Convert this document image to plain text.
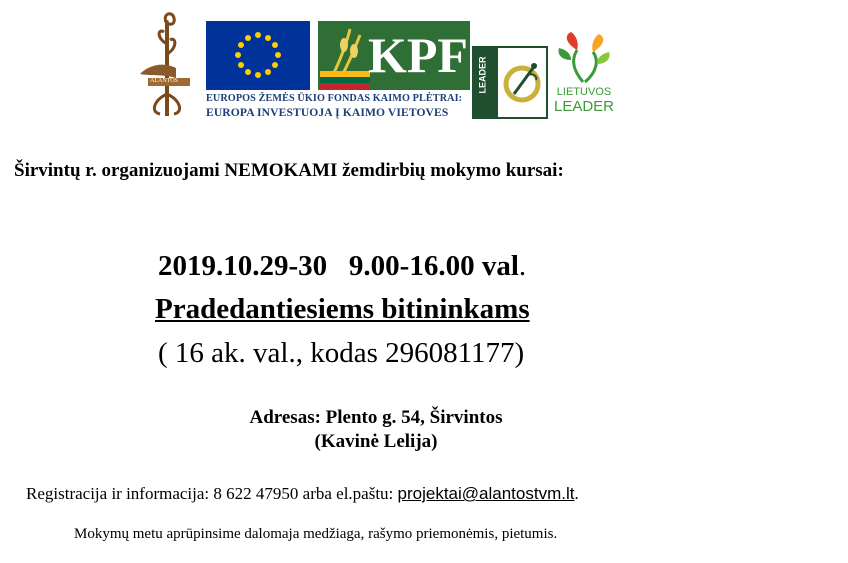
ALANTOS	KPF
EUROPOS ŽEMĖS ŪKIO FONDAS KAIMO PLĖTRAI:
EUROPA INVESTUOJA Į KAIMO VIETOVES
LEADER	LIETUVOS
LEADER
Širvintų r. organizuojami NEMOKAMI žemdirbių mokymo kursai:
2019.10.29-30   9.00-16.00 val.
Pradedantiesiems bitininkams
( 16 ak. val., kodas 296081177)
Adresas: Plento g. 54, Širvintos
(Kavinė Lelija)
Registracija ir informacija: 8 622 47950 arba el.paštu: projektai@alantostvm.lt.
Mokymų metu aprūpinsime dalomaja medžiaga, rašymo priemonėmis, pietumis.
